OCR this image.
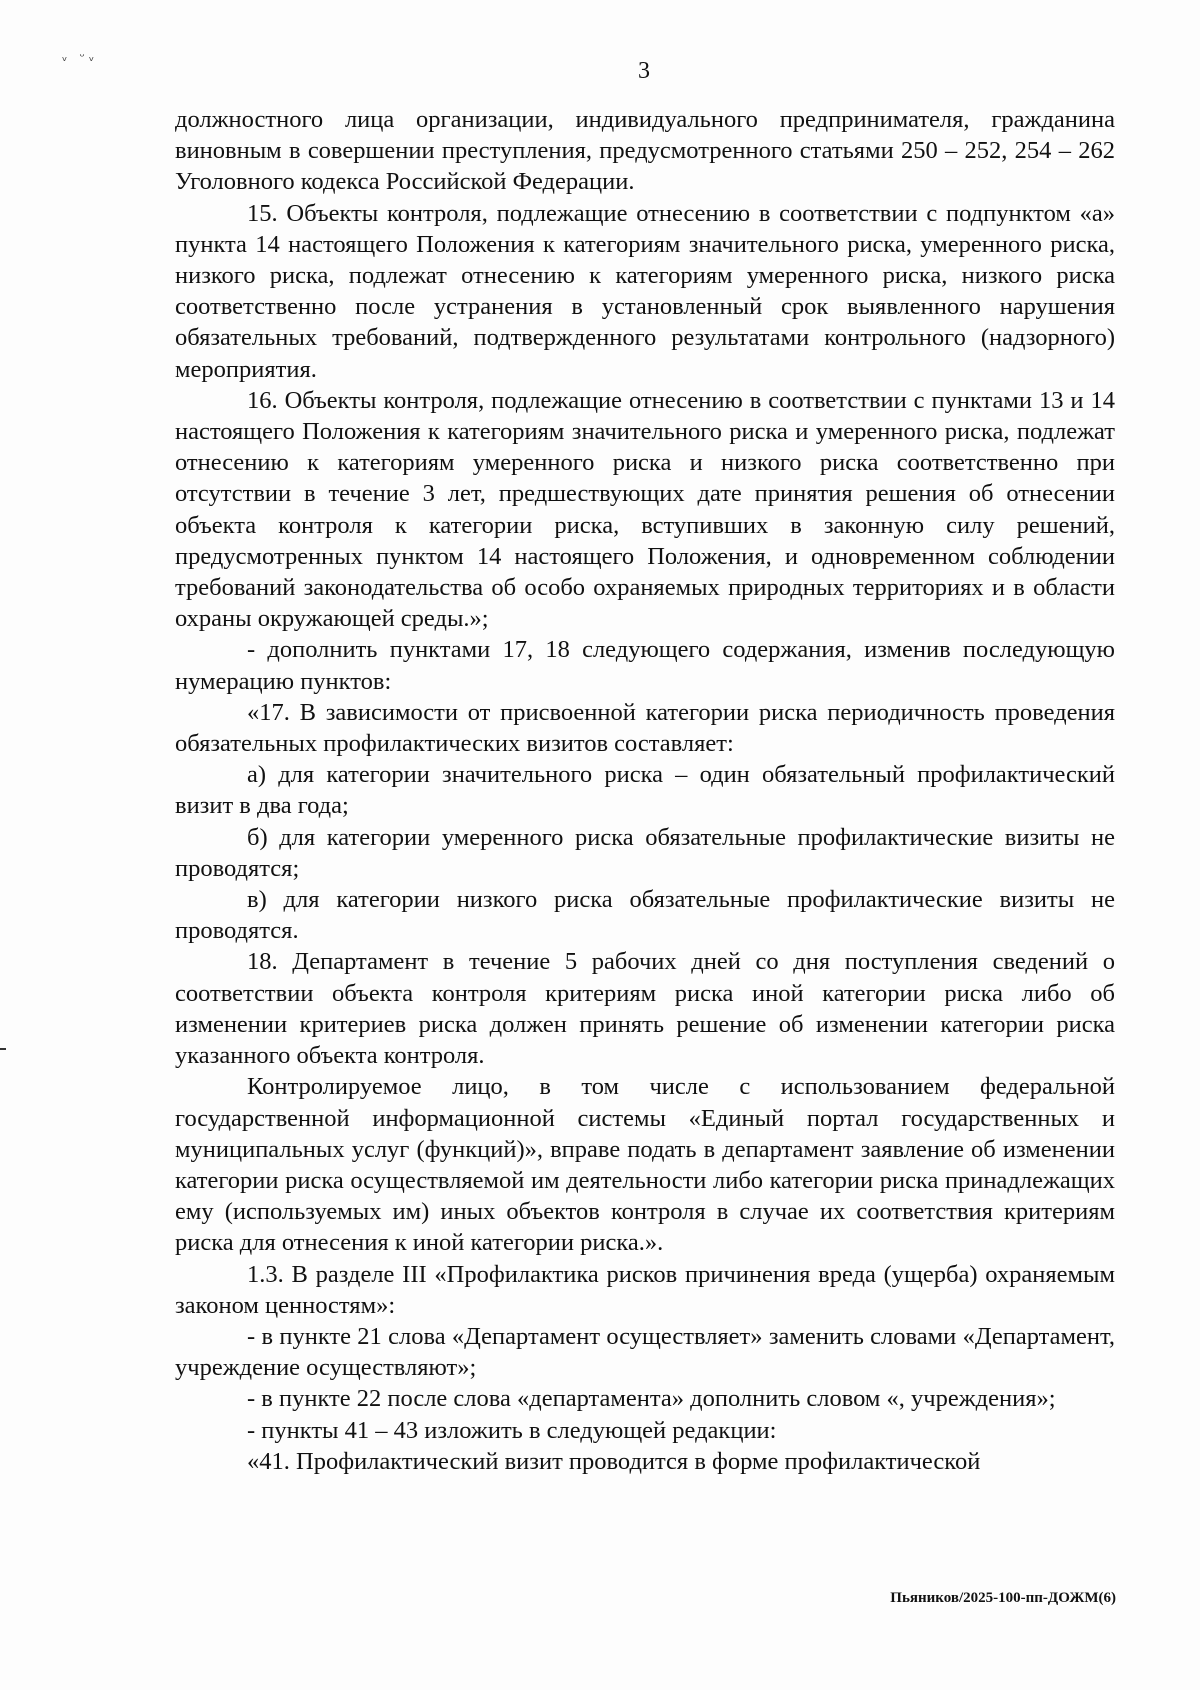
ᵥ ᵕᵥ
3

должностного лица организации, индивидуального предпринимателя, гражданина виновным в совершении преступления, предусмотренного статьями 250 – 252, 254 – 262 Уголовного кодекса Российской Федерации.

15. Объекты контроля, подлежащие отнесению в соответствии с подпунктом «а» пункта 14 настоящего Положения к категориям значительного риска, умеренного риска, низкого риска, подлежат отнесению к категориям умеренного риска, низкого риска соответственно после устранения в установленный срок выявленного нарушения обязательных требований, подтвержденного результатами контрольного (надзорного) мероприятия.

16. Объекты контроля, подлежащие отнесению в соответствии с пунктами 13 и 14 настоящего Положения к категориям значительного риска и умеренного риска, подлежат отнесению к категориям умеренного риска и низкого риска соответственно при отсутствии в течение 3 лет, предшествующих дате принятия решения об отнесении объекта контроля к категории риска, вступивших в законную силу решений, предусмотренных пунктом 14 настоящего Положения, и одновременном соблюдении требований законодательства об особо охраняемых природных территориях и в области охраны окружающей среды.»;

- дополнить пунктами 17, 18 следующего содержания, изменив последующую нумерацию пунктов:

«17. В зависимости от присвоенной категории риска периодичность проведения обязательных профилактических визитов составляет:

а) для категории значительного риска – один обязательный профилактический визит в два года;

б) для категории умеренного риска обязательные профилактические визиты не проводятся;

в) для категории низкого риска обязательные профилактические визиты не проводятся.

18. Департамент в течение 5 рабочих дней со дня поступления сведений о соответствии объекта контроля критериям риска иной категории риска либо об изменении критериев риска должен принять решение об изменении категории риска указанного объекта контроля.

Контролируемое лицо, в том числе с использованием федеральной государственной информационной системы «Единый портал государственных и муниципальных услуг (функций)», вправе подать в департамент заявление об изменении категории риска осуществляемой им деятельности либо категории риска принадлежащих ему (используемых им) иных объектов контроля в случае их соответствия критериям риска для отнесения к иной категории риска.».

1.3. В разделе III «Профилактика рисков причинения вреда (ущерба) охраняемым законом ценностям»:

- в пункте 21 слова «Департамент осуществляет» заменить словами «Департамент, учреждение осуществляют»;

- в пункте 22 после слова «департамента» дополнить словом «, учреждения»;

- пункты 41 – 43 изложить в следующей редакции:

«41. Профилактический визит проводится в форме профилактической

Пьяников/2025-100-пп-ДОЖМ(6)
